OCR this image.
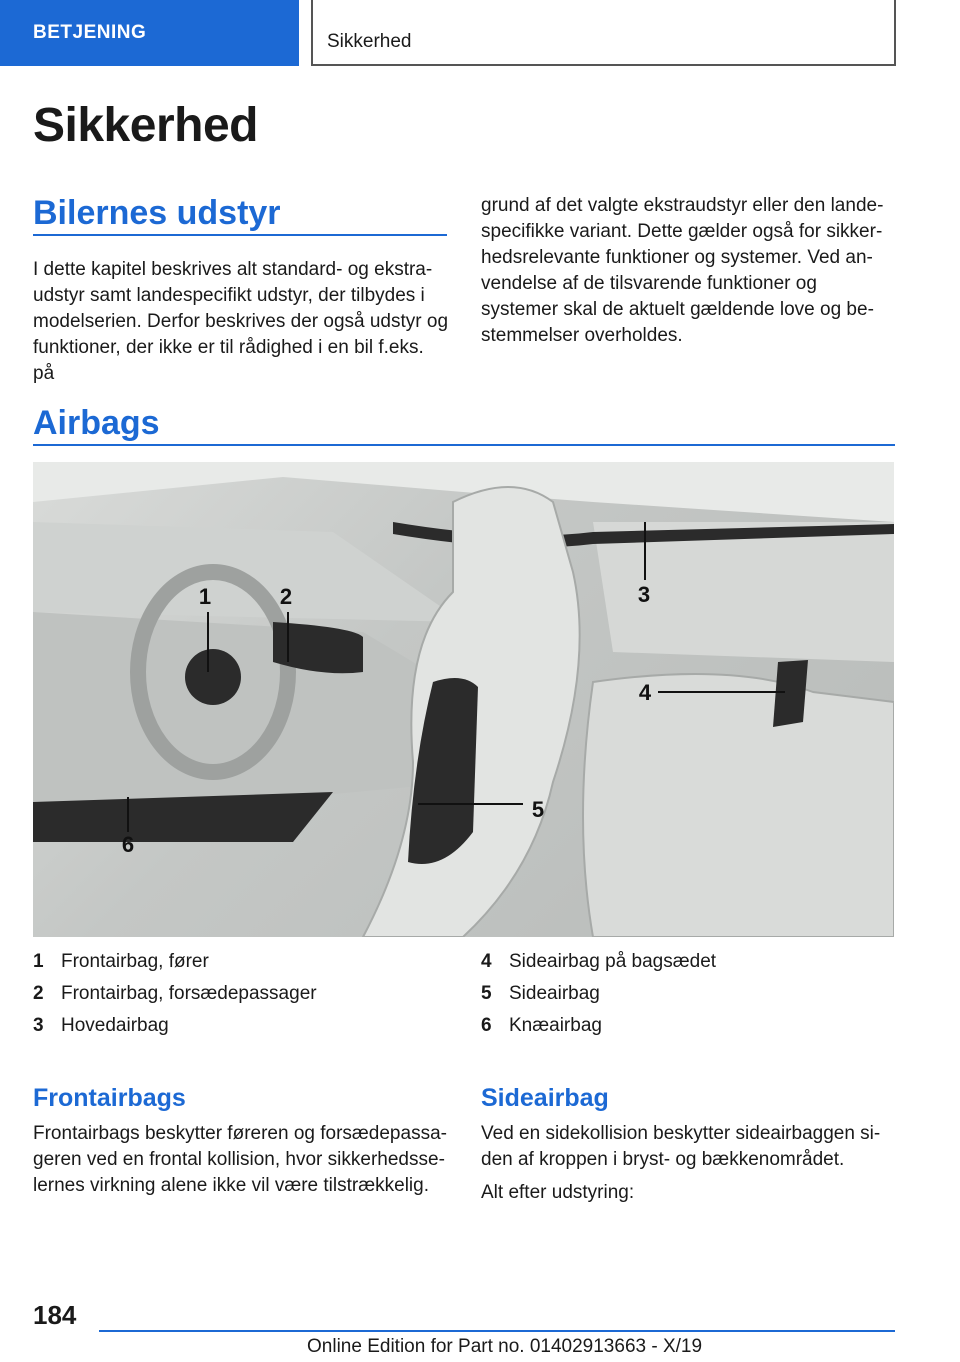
BETJENING	Sikkerhed
Sikkerhed
Bilernes udstyr
I dette kapitel beskrives alt standard- og ekstraudstyr samt landespecifikt udstyr, der tilbydes i modelserien. Derfor beskrives der også udstyr og funktioner, der ikke er til rådighed i en bil f.eks. på
grund af det valgte ekstraudstyr eller den landespecifikke variant. Dette gælder også for sikkerhedsrelevante funktioner og systemer. Ved anvendelse af de tilsvarende funktioner og systemer skal de aktuelt gældende love og bestemmelser overholdes.
Airbags
1	2	3
4
5
6
1 Frontairbag, fører
2 Frontairbag, forsædepassager
3 Hovedairbag
4 Sideairbag på bagsædet
5 Sideairbag
6 Knæairbag
Frontairbags
Frontairbags beskytter føreren og forsædepassageren ved en frontal kollision, hvor sikkerhedsselernes virkning alene ikke vil være tilstrækkelig.
Sideairbag
Ved en sidekollision beskytter sideairbaggen siden af kroppen i bryst- og bækkenområdet.
Alt efter udstyring:
184
Online Edition for Part no. 01402913663 - X/19
